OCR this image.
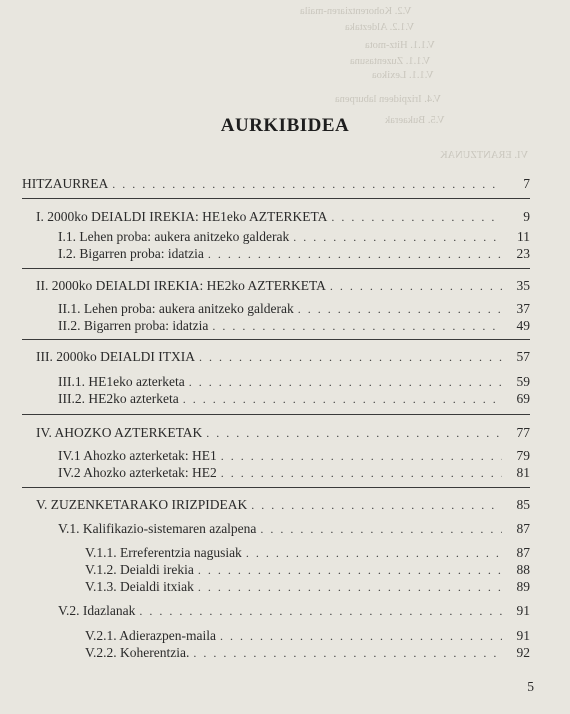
V.2. Kohorentziaren-maila
V.1.2. Aldeztaka
V.1.1. Hitz-mota
V.1.1. Zuzentasuna
V.1.1. Lexikoa
V.4. Irizpideen laburpena
V.5. Bukaerak
VI. ERANTZUNAK
AURKIBIDEA
HITZAURREA . . .	7
I. 2000ko DEIALDI IREKIA: HE1eko AZTERKETA . . .	9
I.1. Lehen proba: aukera anitzeko galderak . . .	11
I.2. Bigarren proba: idatzia . . .	23
II. 2000ko DEIALDI IREKIA: HE2ko AZTERKETA . . .	35
II.1. Lehen proba: aukera anitzeko galderak . . .	37
II.2. Bigarren proba: idatzia . . .	49
III. 2000ko DEIALDI ITXIA . . .	57
III.1. HE1eko azterketa . . .	59
III.2. HE2ko azterketa . . .	69
IV. AHOZKO AZTERKETAK . . .	77
IV.1 Ahozko azterketak: HE1 . . .	79
IV.2 Ahozko azterketak: HE2 . . .	81
V. ZUZENKETARAKO IRIZPIDEAK . . .	85
V.1. Kalifikazio-sistemaren azalpena . . .	87
V.1.1. Erreferentzia nagusiak . . .	87
V.1.2. Deialdi irekia . . .	88
V.1.3. Deialdi itxiak . . .	89
V.2. Idazlanak . . .	91
V.2.1. Adierazpen-maila . . .	91
V.2.2. Koherentzia. . . .	92
5
